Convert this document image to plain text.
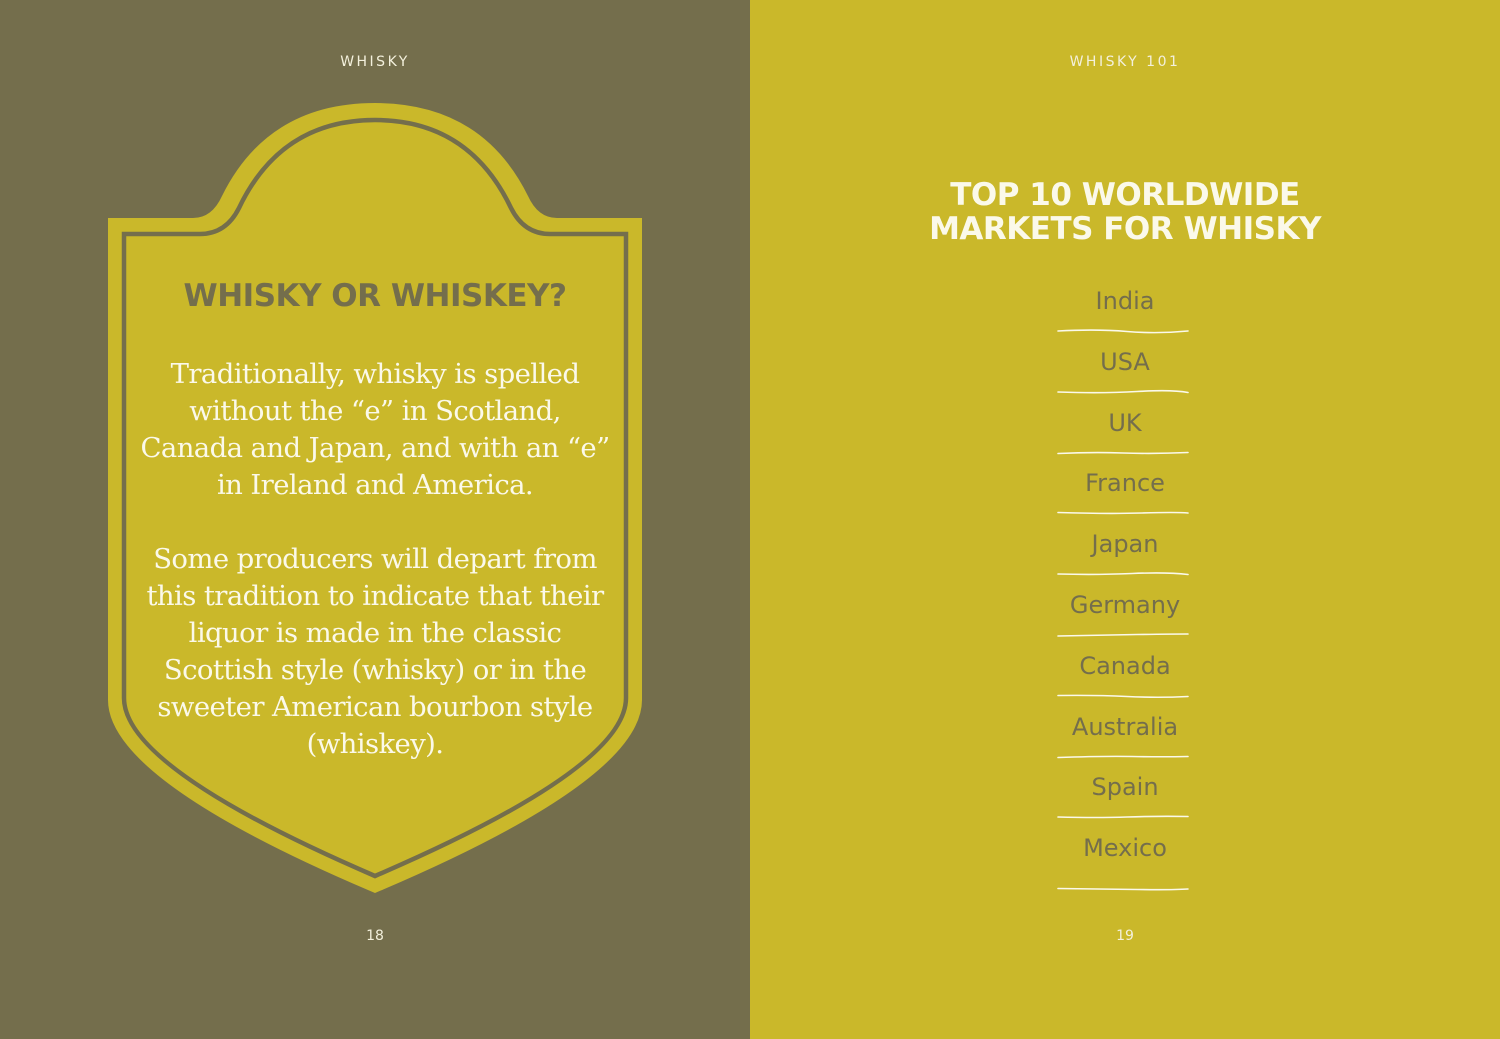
WHISKY
WHISKY OR WHISKEY?

Traditionally, whisky is spelled without the “e” in Scotland, Canada and Japan, and with an “e” in Ireland and America.

Some producers will depart from this tradition to indicate that their liquor is made in the classic Scottish style (whisky) or in the sweeter American bourbon style (whiskey).

18
WHISKY 101
TOP 10 WORLDWIDE
MARKETS FOR WHISKY
India
USA
UK
France
Japan
Germany
Canada
Australia
Spain
Mexico
19
